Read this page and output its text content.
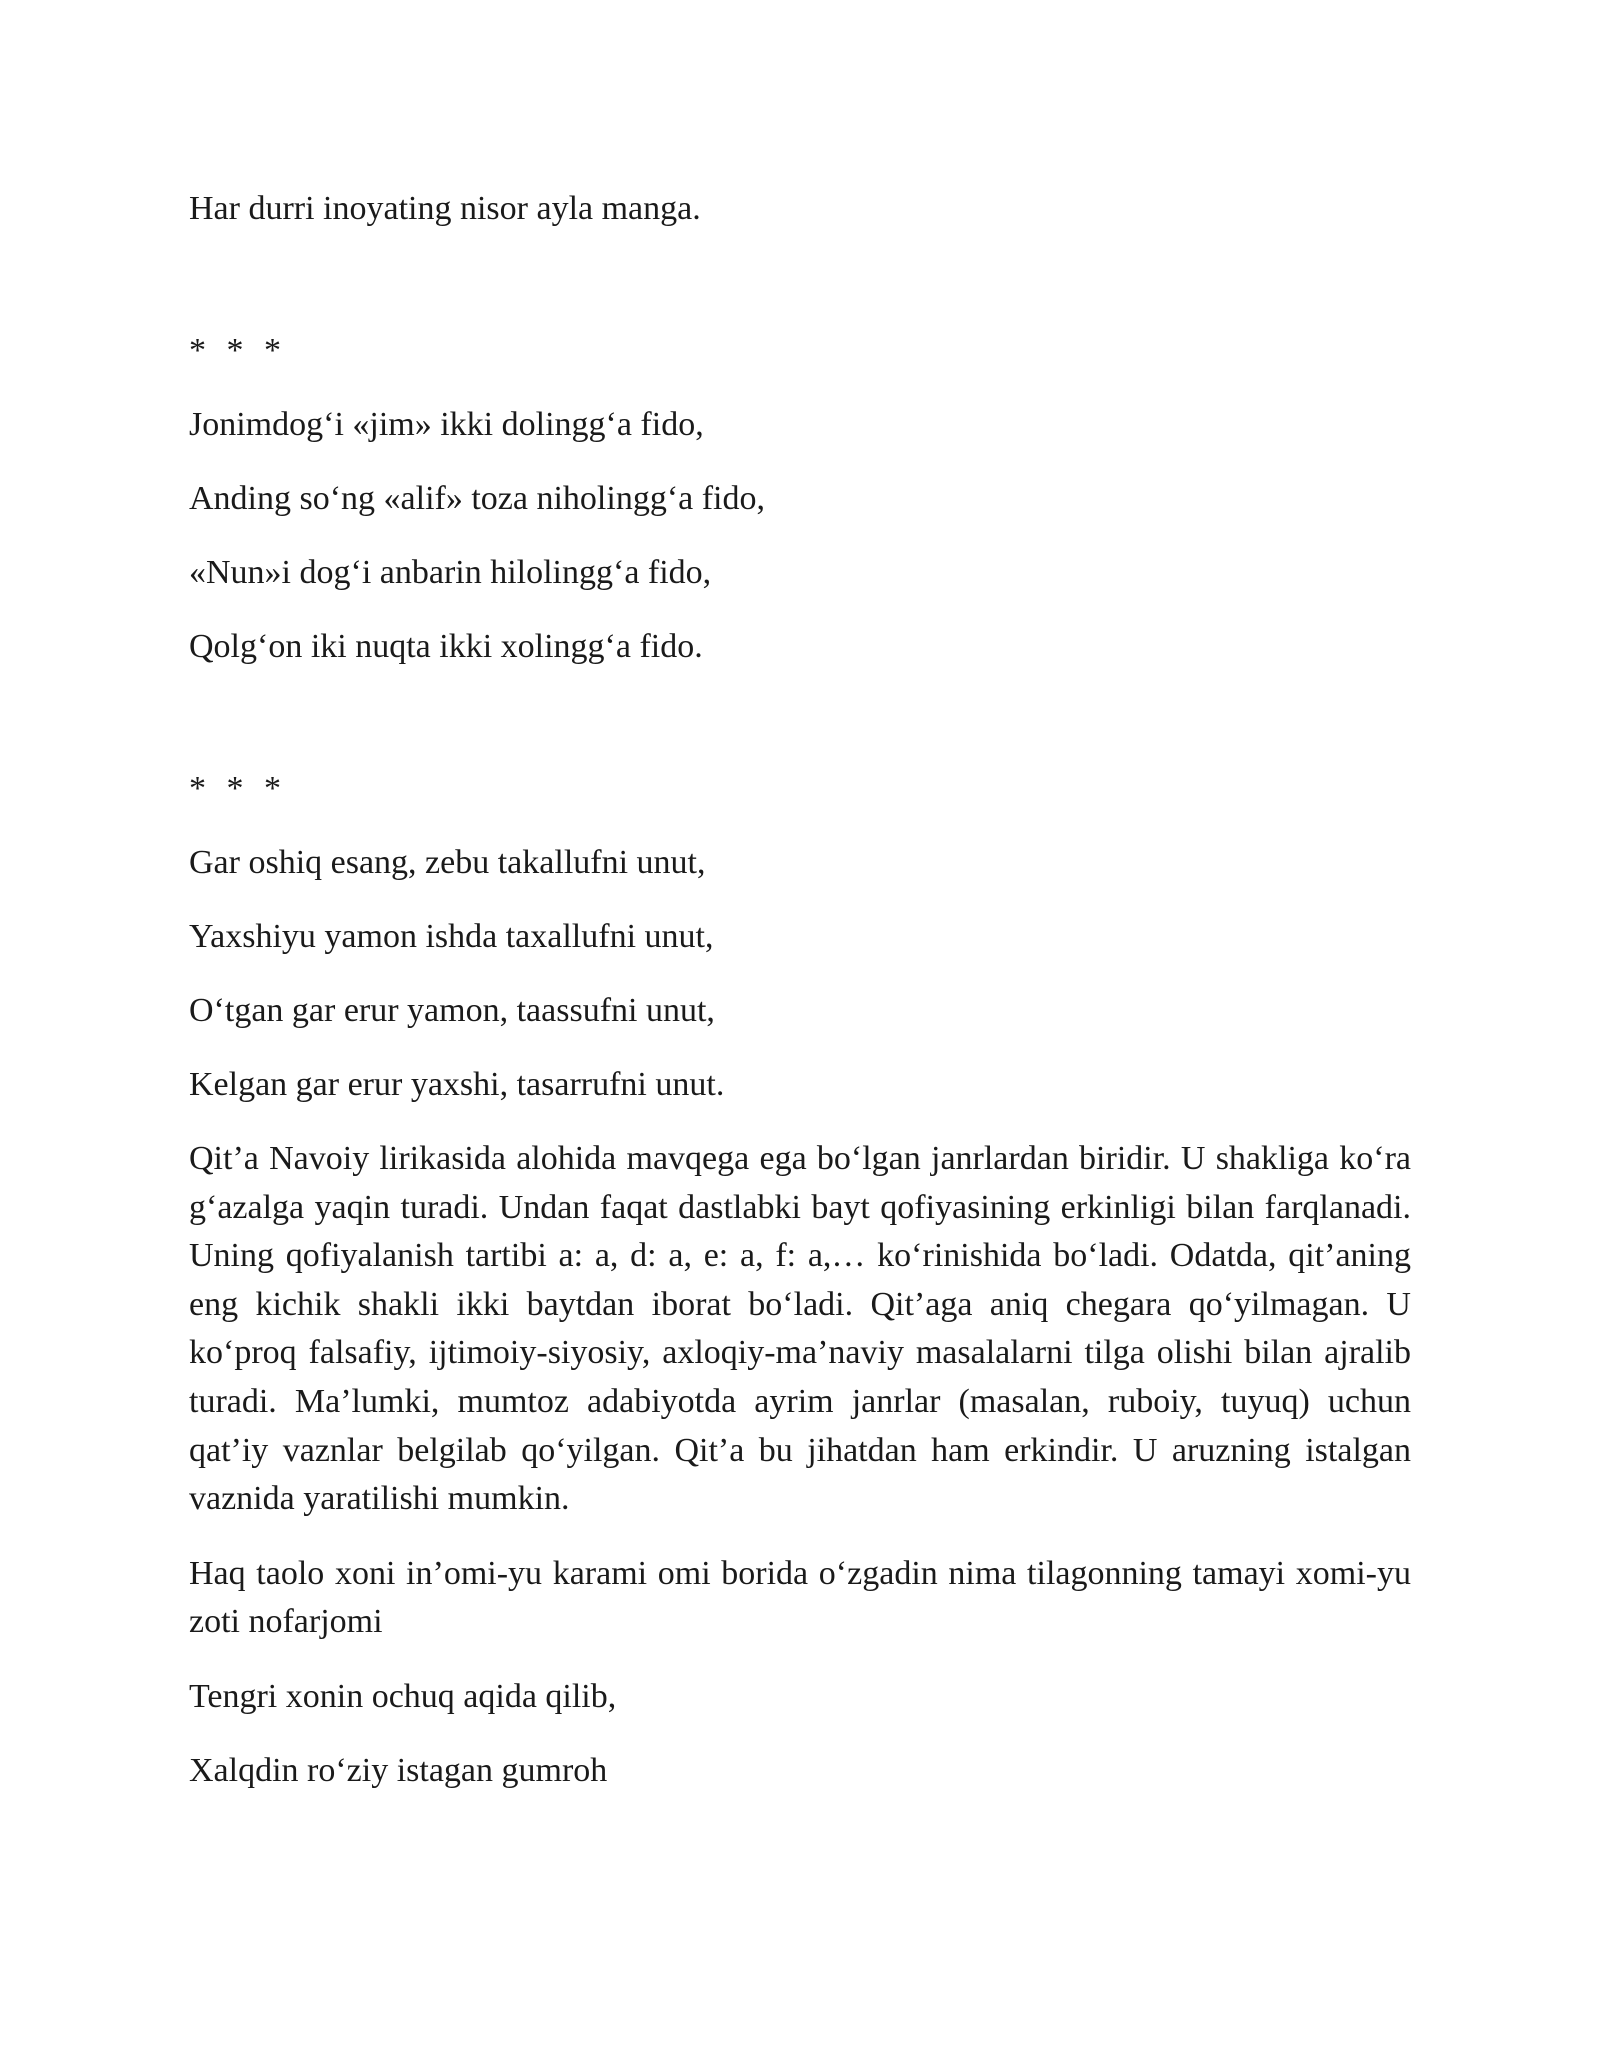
Har durri inoyating nisor ayla manga.

* * *

Jonimdog‘i «jim» ikki dolingg‘a fido,

Anding so‘ng «alif» toza niholingg‘a fido,

«Nun»i dog‘i anbarin hilolingg‘a fido,

Qolg‘on iki nuqta ikki xolingg‘a fido.

* * *

Gar oshiq esang, zebu takallufni unut,

Yaxshiyu yamon ishda taxallufni unut,

O‘tgan gar erur yamon, taassufni unut,

Kelgan gar erur yaxshi, tasarrufni unut.

Qit’a Navoiy lirikasida alohida mavqega ega bo‘lgan janrlardan biridir. U shakliga ko‘ra g‘azalga yaqin turadi. Undan faqat dastlabki bayt qofiyasining erkinligi bilan farqlanadi. Uning qofiyalanish tartibi a: a, d: a, e: a, f: a,… ko‘rinishida bo‘ladi. Odatda, qit’aning eng kichik shakli ikki baytdan iborat bo‘ladi. Qit’aga aniq chegara qo‘yilmagan. U ko‘proq falsafiy, ijtimoiy-siyosiy, axloqiy-ma’naviy masalalarni tilga olishi bilan ajralib turadi. Ma’lumki, mumtoz adabiyotda ayrim janrlar (masalan, ruboiy, tuyuq) uchun qat’iy vaznlar belgilab qo‘yilgan. Qit’a bu jihatdan ham erkindir. U aruzning istalgan vaznida yaratilishi mumkin.

Haq taolo xoni in’omi-yu karami omi borida o‘zgadin nima tilagonning tamayi xomi-yu zoti nofarjomi

Tengri xonin ochuq aqida qilib,

Xalqdin ro‘ziy istagan gumroh
